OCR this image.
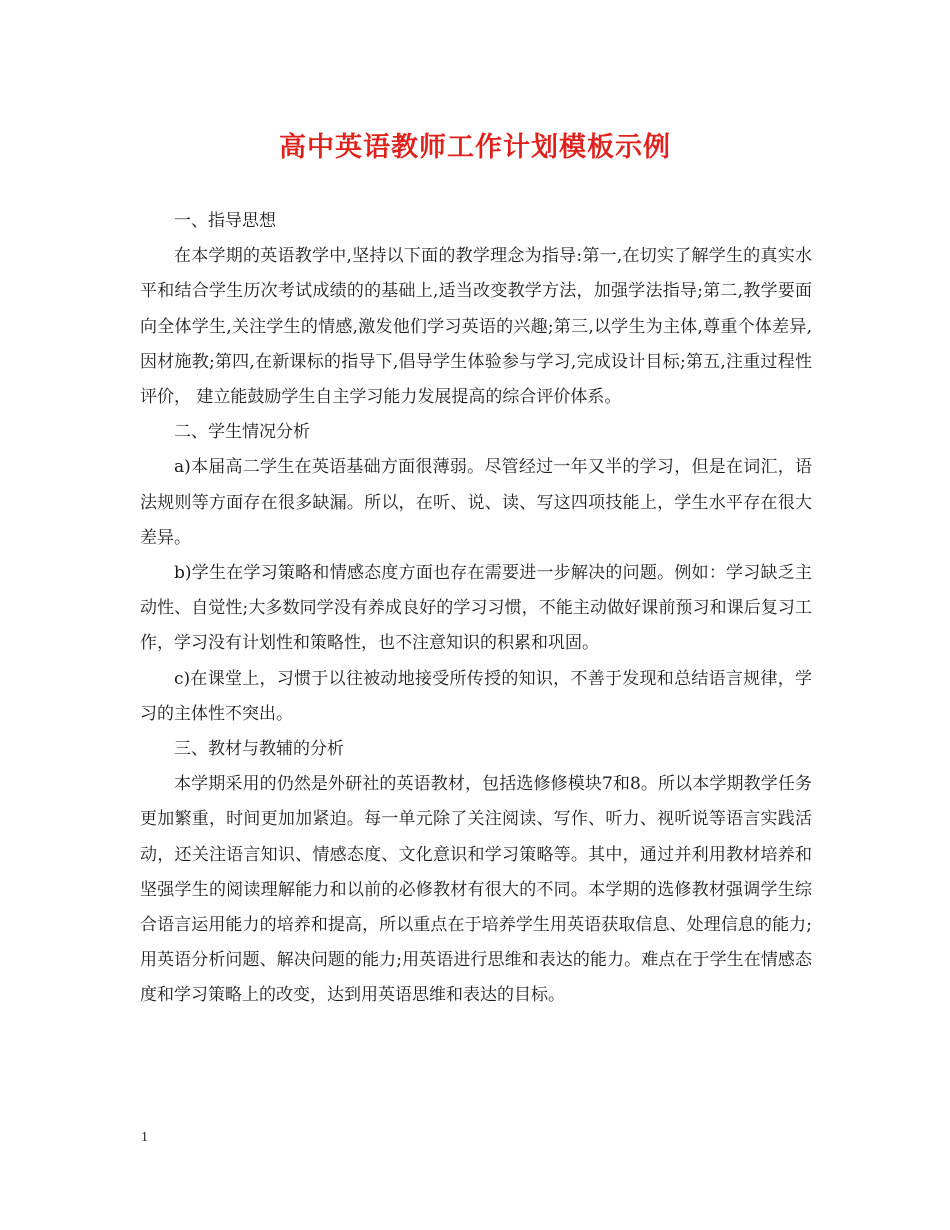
高中英语教师工作计划模板示例

一、指导思想

在本学期的英语教学中,坚持以下面的教学理念为指导:第一,在切实了解学生的真实水平和结合学生历次考试成绩的的基础上,适当改变教学方法，加强学法指导;第二,教学要面向全体学生,关注学生的情感,激发他们学习英语的兴趣;第三,以学生为主体,尊重个体差异,因材施教;第四,在新课标的指导下,倡导学生体验参与学习,完成设计目标;第五,注重过程性评价， 建立能鼓励学生自主学习能力发展提高的综合评价体系。

二、学生情况分析

a)本届高二学生在英语基础方面很薄弱。尽管经过一年又半的学习，但是在词汇，语法规则等方面存在很多缺漏。所以，在听、说、读、写这四项技能上，学生水平存在很大差异。

b)学生在学习策略和情感态度方面也存在需要进一步解决的问题。例如：学习缺乏主动性、自觉性;大多数同学没有养成良好的学习习惯，不能主动做好课前预习和课后复习工作，学习没有计划性和策略性，也不注意知识的积累和巩固。

c)在课堂上，习惯于以往被动地接受所传授的知识，不善于发现和总结语言规律，学习的主体性不突出。

三、教材与教辅的分析

本学期采用的仍然是外研社的英语教材，包括选修修模块7和8。所以本学期教学任务更加繁重，时间更加加紧迫。每一单元除了关注阅读、写作、听力、视听说等语言实践活动，还关注语言知识、情感态度、文化意识和学习策略等。其中，通过并利用教材培养和坚强学生的阅读理解能力和以前的必修教材有很大的不同。本学期的选修教材强调学生综合语言运用能力的培养和提高，所以重点在于培养学生用英语获取信息、处理信息的能力;用英语分析问题、解决问题的能力;用英语进行思维和表达的能力。难点在于学生在情感态度和学习策略上的改变，达到用英语思维和表达的目标。

1
